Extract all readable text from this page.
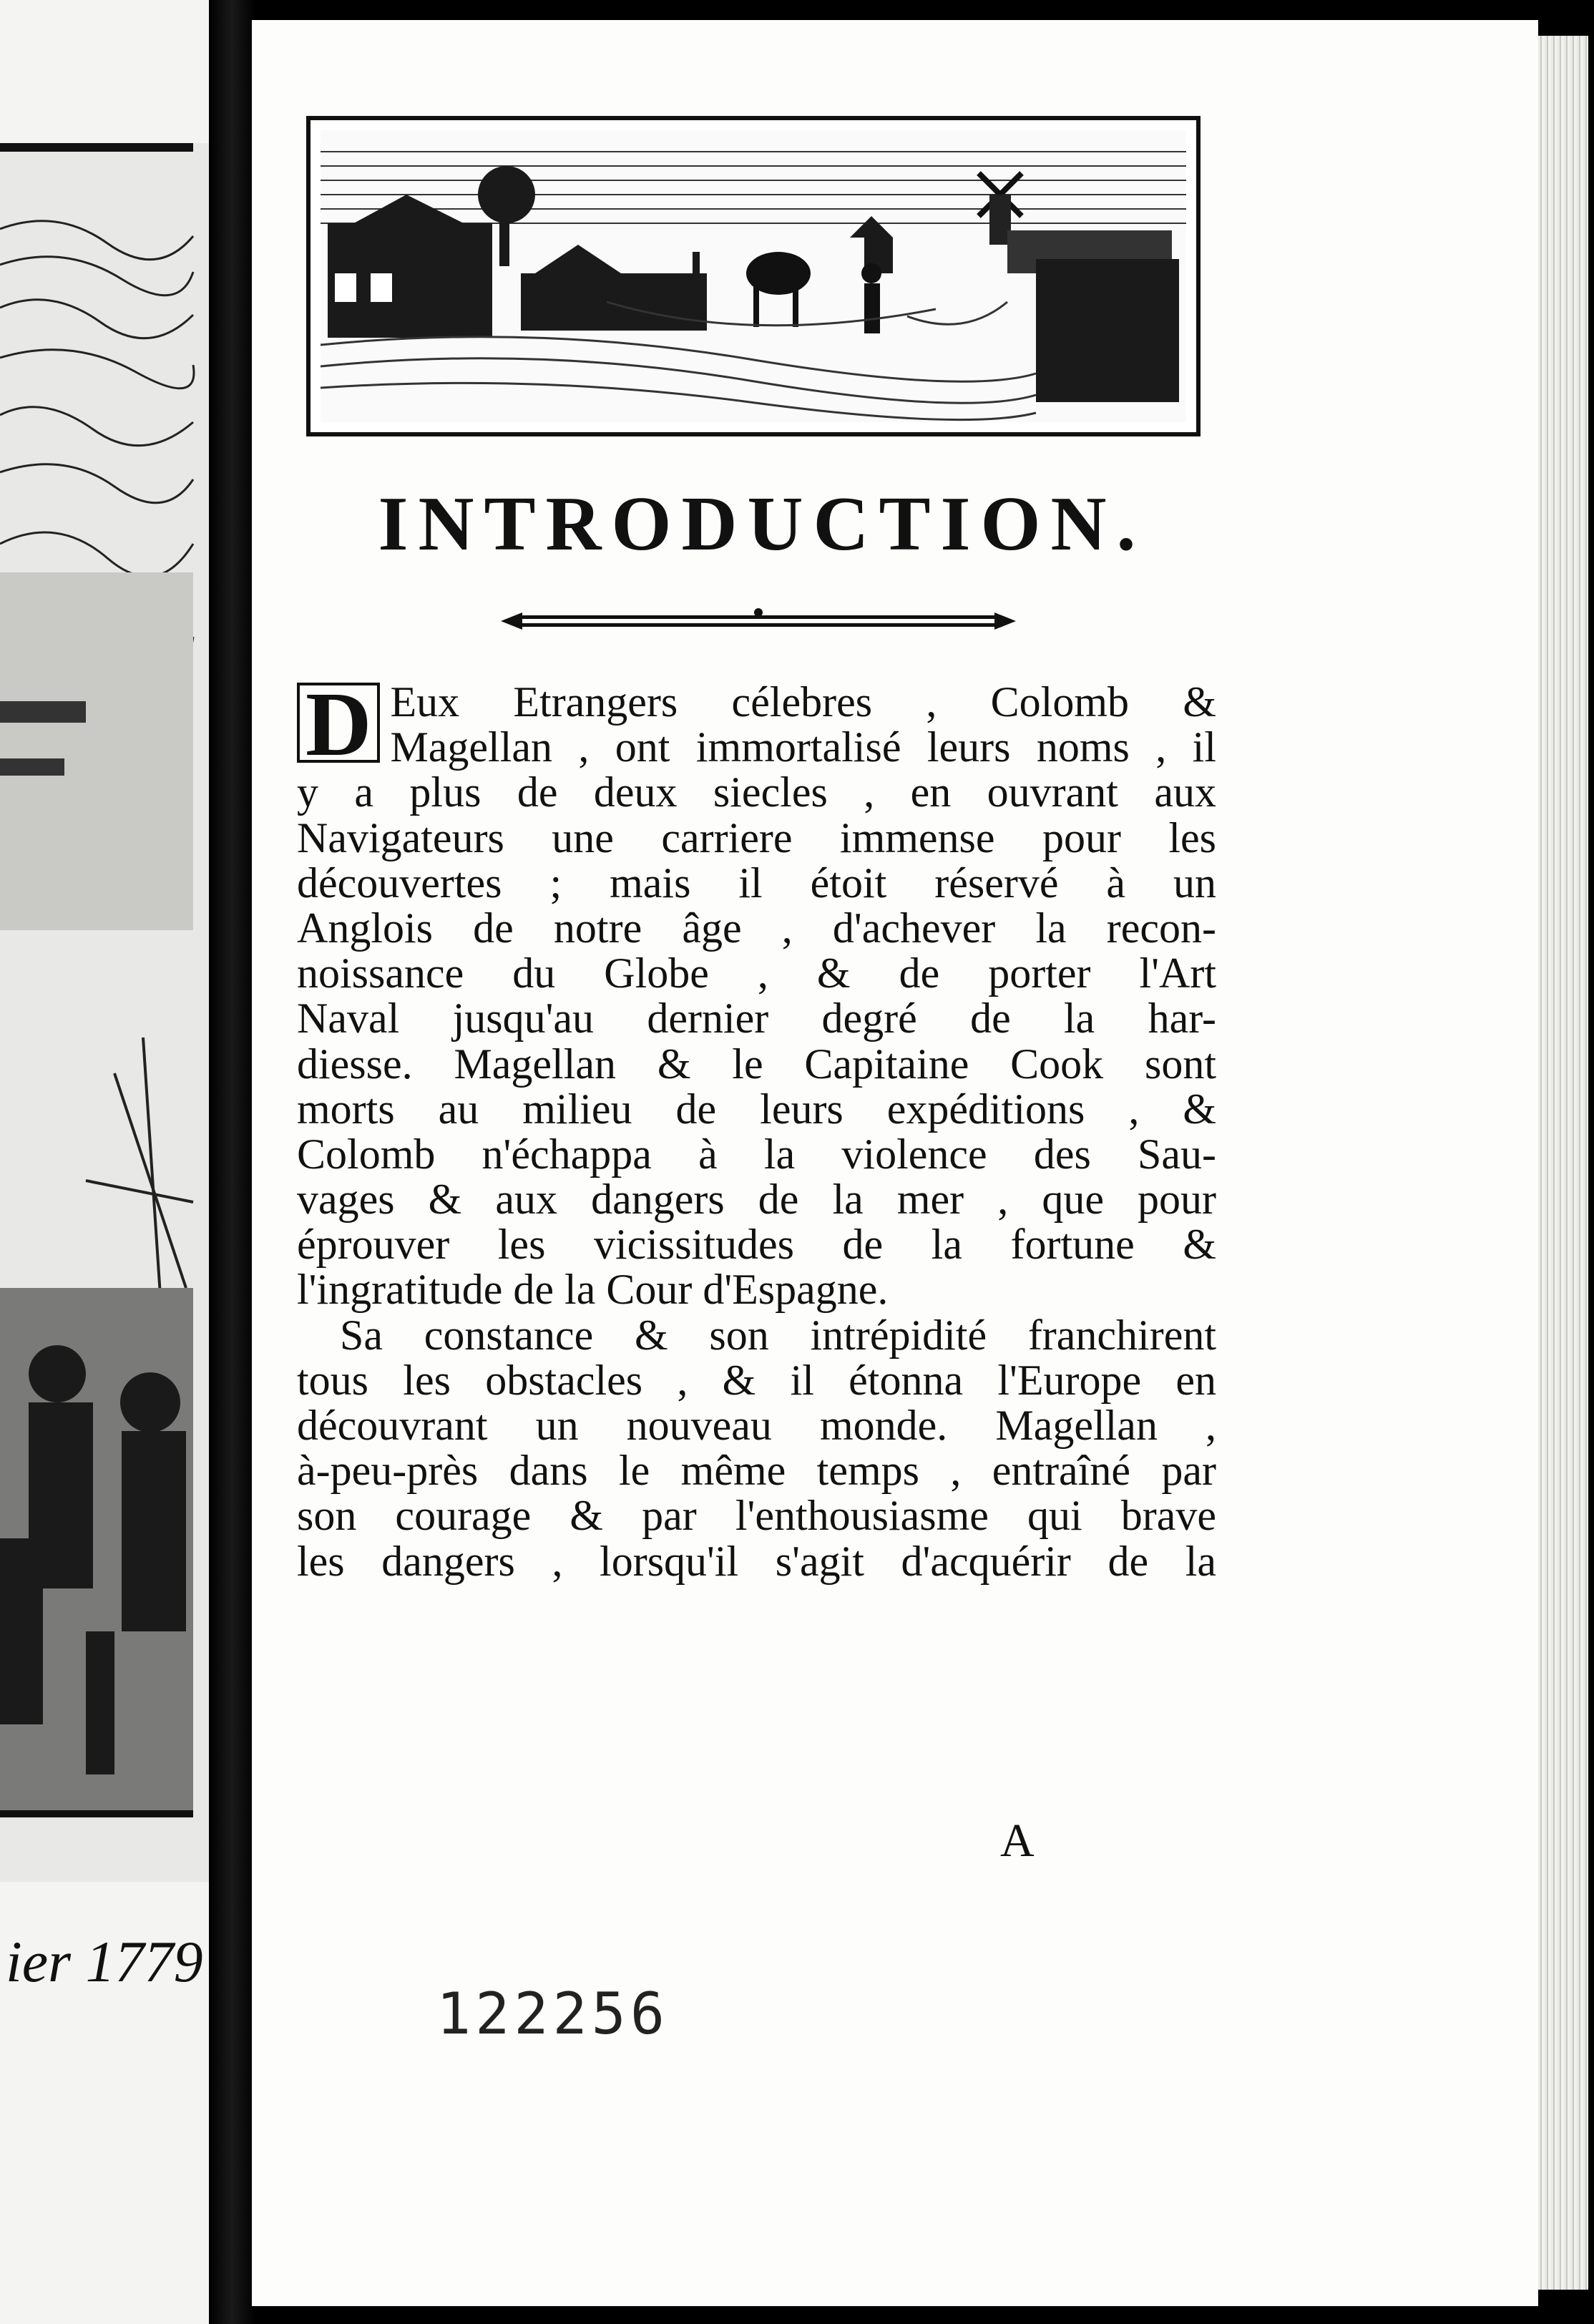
ier 1779
INTRODUCTION.
D Eux Etrangers célebres , Colomb &
Magellan , ont immortalisé leurs noms , il
y a plus de deux siecles , en ouvrant aux
Navigateurs une carriere immense pour les
découvertes ; mais il étoit réservé à un
Anglois de notre âge , d'achever la recon-
noissance du Globe , & de porter l'Art
Naval jusqu'au dernier degré de la har-
diesse. Magellan & le Capitaine Cook sont
morts au milieu de leurs expéditions , &
Colomb n'échappa à la violence des Sau-
vages & aux dangers de la mer , que pour
éprouver les vicissitudes de la fortune &
l'ingratitude de la Cour d'Espagne.
Sa constance & son intrépidité franchirent
tous les obstacles , & il étonna l'Europe en
découvrant un nouveau monde. Magellan ,
à-peu-près dans le même temps , entraîné par
son courage & par l'enthousiasme qui brave
les dangers , lorsqu'il s'agit d'acquérir de la
A
122256
